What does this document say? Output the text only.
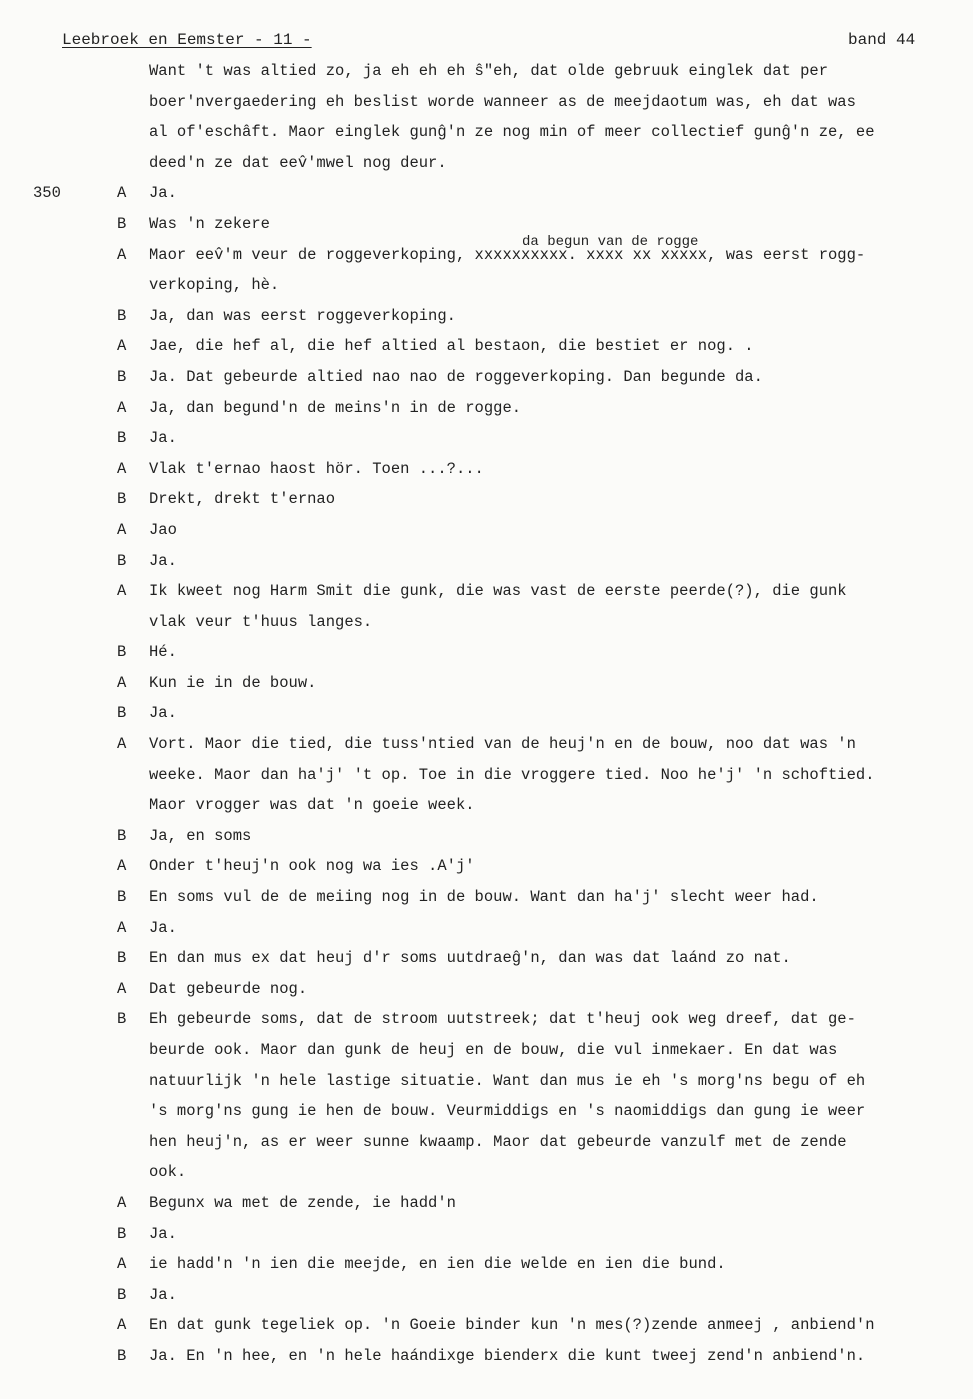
Leebroek en Eemster - 11 -	band 44
Want 't was altied zo, ja eh eh eh ŝ"eh, dat olde gebruuk einglek dat per
boer'nvergaedering eh beslist worde wanneer as de meejdaotum was, eh dat was
al of'eschâft. Maor einglek gunĝ'n ze nog min of meer collectief gunĝ'n ze, ee
deed'n ze dat eev̂'mwel nog deur.
350	A Ja.
B Was 'n zekere
A Maor eev̂'m veur de roggeverkoping, xxxxxxxxxx. xxxx xx xxxxx, was eerst rogg-
da begun van de rogge
verkoping, hè.
B Ja, dan was eerst roggeverkoping.
A Jae, die hef al, die hef altied al bestaon, die bestiet er nog. .
B Ja. Dat gebeurde altied nao nao de roggeverkoping. Dan begunde da.
A Ja, dan begund'n de meins'n in de rogge.
B Ja.
A Vlak t'ernao haost hör. Toen ...?...
B Drekt, drekt t'ernao
A Jao
B Ja.
A Ik kweet nog Harm Smit die gunk, die was vast de eerste peerde(?), die gunk
vlak veur t'huus langes.
B Hé.
A Kun ie in de bouw.
B Ja.
A Vort. Maor die tied, die tuss'ntied van de heuj'n en de bouw, noo dat was 'n
weeke. Maor dan ha'j' 't op. Toe in die vroggere tied. Noo he'j' 'n schoftied.
Maor vrogger was dat 'n goeie week.
B Ja, en soms
A Onder t'heuj'n ook nog wa ies .A'j'
B En soms vul de de meiing nog in de bouw. Want dan ha'j' slecht weer had.
A Ja.
B En dan mus ex dat heuj d'r soms uutdraeĝ'n, dan was dat laánd zo nat.
A Dat gebeurde nog.
B Eh gebeurde soms, dat de stroom uutstreek; dat t'heuj ook weg dreef, dat ge-
beurde ook. Maor dan gunk de heuj en de bouw, die vul inmekaer. En dat was
natuurlijk 'n hele lastige situatie. Want dan mus ie eh 's morg'ns begu of eh
's morg'ns gung ie hen de bouw. Veurmiddigs en 's naomiddigs dan gung ie weer
hen heuj'n, as er weer sunne kwaamp. Maor dat gebeurde vanzulf met de zende
ook.
A Begunx wa met de zende, ie hadd'n
B Ja.
A ie hadd'n 'n ien die meejde, en ien die welde en ien die bund.
B Ja.
A En dat gunk tegeliek op. 'n Goeie binder kun 'n mes(?)zende anmeej , anbiend'n
B Ja. En 'n hee, en 'n hele haándixge bienderx die kunt tweej zend'n anbiend'n.
